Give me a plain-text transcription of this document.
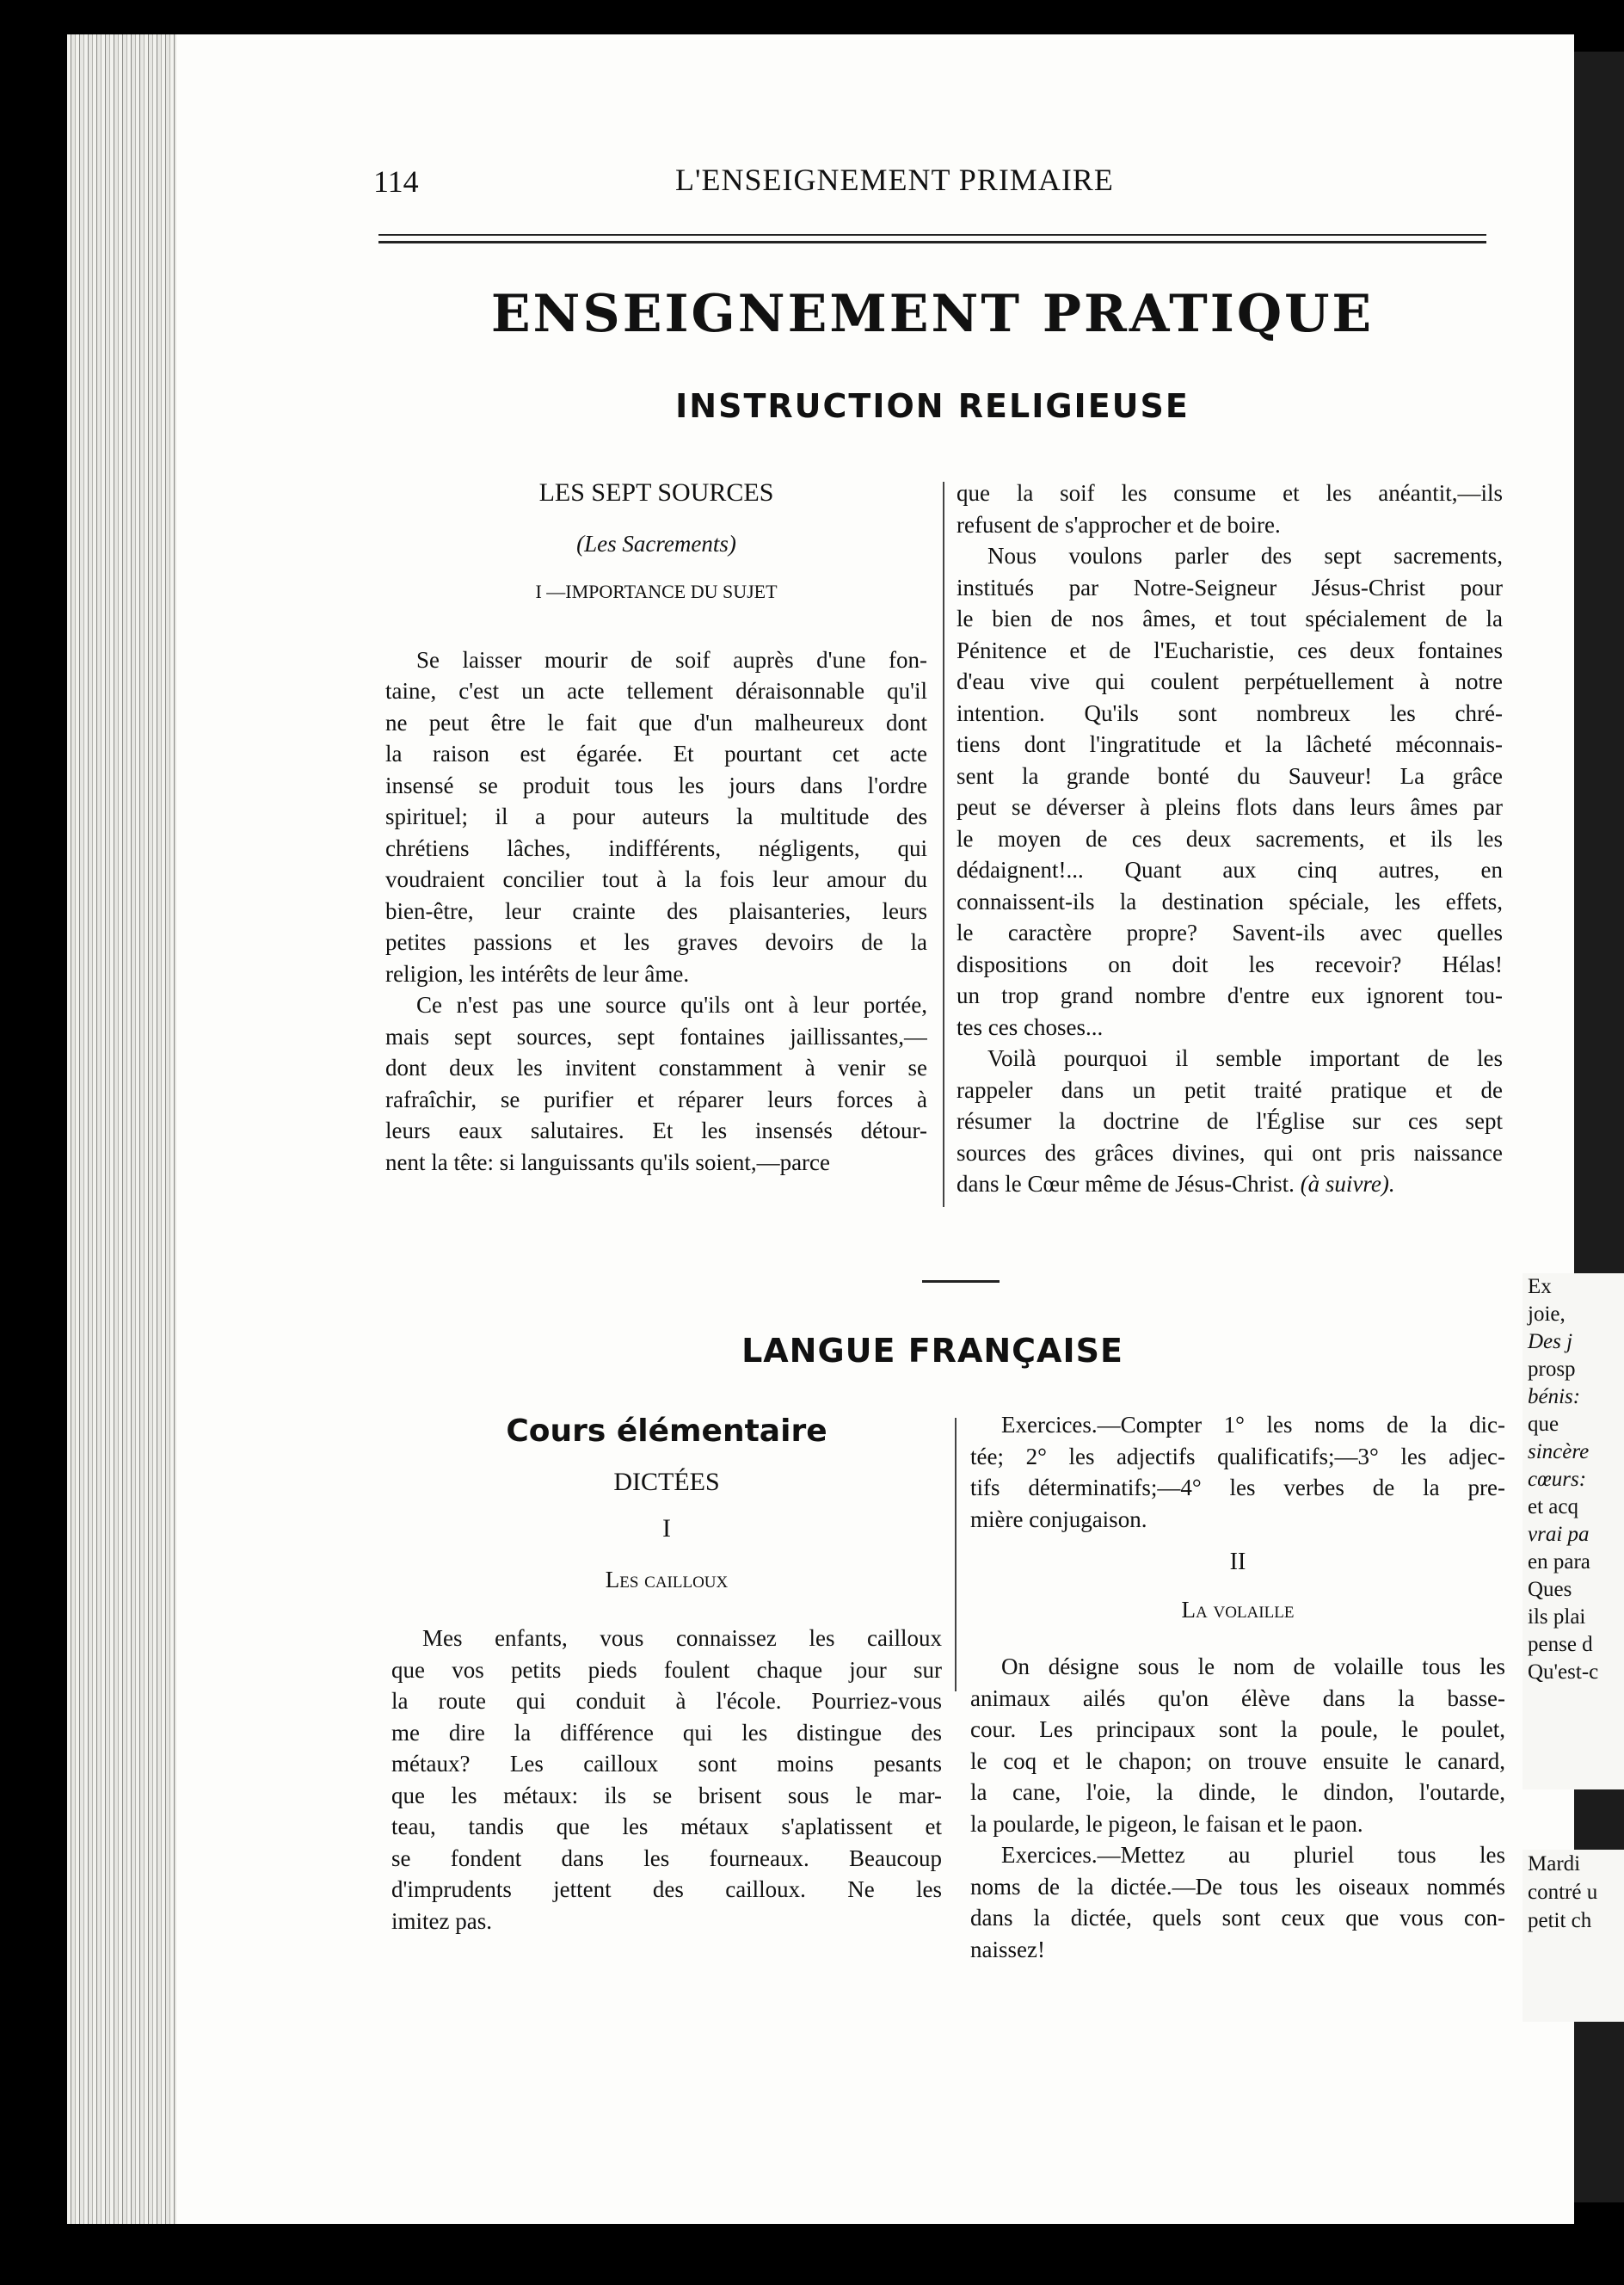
Ex
joie,
Des j
prosp
bénis:
que
sincère
cœurs:
et acq
vrai pa
en para
Ques
ils plai
pense d
Qu'est-c
Mardi
contré u
petit ch
114	L'ENSEIGNEMENT PRIMAIRE
ENSEIGNEMENT PRATIQUE
INSTRUCTION RELIGIEUSE

LES SEPT SOURCES

(Les Sacrements)

I —IMPORTANCE DU SUJET

Se laisser mourir de soif auprès d'une fon-
taine, c'est un acte tellement déraisonnable qu'il
ne peut être le fait que d'un malheureux dont
la raison est égarée. Et pourtant cet acte
insensé se produit tous les jours dans l'ordre
spirituel; il a pour auteurs la multitude des
chrétiens lâches, indifférents, négligents, qui
voudraient concilier tout à la fois leur amour du
bien-être, leur crainte des plaisanteries, leurs
petites passions et les graves devoirs de la
religion, les intérêts de leur âme.
Ce n'est pas une source qu'ils ont à leur portée,
mais sept sources, sept fontaines jaillissantes,—
dont deux les invitent constamment à venir se
rafraîchir, se purifier et réparer leurs forces à
leurs eaux salutaires. Et les insensés détour-
nent la tête: si languissants qu'ils soient,—parce
que la soif les consume et les anéantit,—ils
refusent de s'approcher et de boire.
Nous voulons parler des sept sacrements,
institués par Notre-Seigneur Jésus-Christ pour
le bien de nos âmes, et tout spécialement de la
Pénitence et de l'Eucharistie, ces deux fontaines
d'eau vive qui coulent perpétuellement à notre
intention. Qu'ils sont nombreux les chré-
tiens dont l'ingratitude et la lâcheté méconnais-
sent la grande bonté du Sauveur! La grâce
peut se déverser à pleins flots dans leurs âmes par
le moyen de ces deux sacrements, et ils les
dédaignent!... Quant aux cinq autres, en
connaissent-ils la destination spéciale, les effets,
le caractère propre? Savent-ils avec quelles
dispositions on doit les recevoir? Hélas!
un trop grand nombre d'entre eux ignorent tou-
tes ces choses...
Voilà pourquoi il semble important de les
rappeler dans un petit traité pratique et de
résumer la doctrine de l'Église sur ces sept
sources des grâces divines, qui ont pris naissance
dans le Cœur même de Jésus-Christ. (à suivre).
LANGUE FRANÇAISE
Cours élémentaire

DICTÉES

I

Les cailloux

Mes enfants, vous connaissez les cailloux
que vos petits pieds foulent chaque jour sur
la route qui conduit à l'école. Pourriez-vous
me dire la différence qui les distingue des
métaux? Les cailloux sont moins pesants
que les métaux: ils se brisent sous le mar-
teau, tandis que les métaux s'aplatissent et
se fondent dans les fourneaux. Beaucoup
d'imprudents jettent des cailloux. Ne les
imitez pas.
Exercices.—Compter 1° les noms de la dic-
tée; 2° les adjectifs qualificatifs;—3° les adjec-
tifs déterminatifs;—4° les verbes de la pre-
mière conjugaison.

II

La volaille

On désigne sous le nom de volaille tous les
animaux ailés qu'on élève dans la basse-
cour. Les principaux sont la poule, le poulet,
le coq et le chapon; on trouve ensuite le canard,
la cane, l'oie, la dinde, le dindon, l'outarde,
la poularde, le pigeon, le faisan et le paon.
Exercices.—Mettez au pluriel tous les
noms de la dictée.—De tous les oiseaux nommés
dans la dictée, quels sont ceux que vous con-
naissez!
